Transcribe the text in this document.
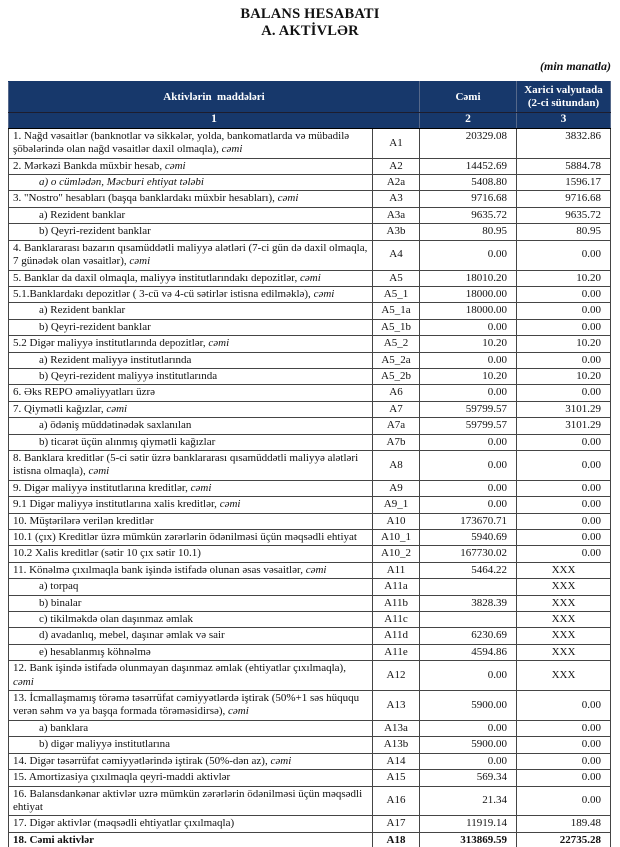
BALANS HESABATI
A. AKTİVLƏR
(min manatla)
Aktivlərin  maddələri		Cəmi	Xarici valyutada (2-ci sütundan)
1		2	3
1. Nağd vəsaitlər (banknotlar və sikkələr, yolda, bankomatlarda və mübadilə şöbələrində olan nağd vəsaitlər daxil olmaqla), cəmi	A1	20329.08	3832.86
2. Mərkəzi Bankda müxbir hesab, cəmi	A2	14452.69	5884.78
a) o cümlədən, Məcburi ehtiyat tələbi	A2a	5408.80	1596.17
3. "Nostro" hesabları (başqa banklardakı müxbir hesabları), cəmi	A3	9716.68	9716.68
a) Rezident banklar	A3a	9635.72	9635.72
b) Qeyri-rezident banklar	A3b	80.95	80.95
4. Banklararası bazarın qısamüddətli maliyyə alətləri (7-ci gün də daxil olmaqla, 7 günədək olan vəsaitlər), cəmi	A4	0.00	0.00
5. Banklar da daxil olmaqla, maliyyə institutlarındakı depozitlər, cəmi	A5	18010.20	10.20
5.1.Banklardakı depozitlər ( 3-cü və 4-cü sətirlər istisna edilməklə), cəmi	A5_1	18000.00	0.00
a) Rezident banklar	A5_1a	18000.00	0.00
b) Qeyri-rezident banklar	A5_1b	0.00	0.00
5.2 Digər maliyyə institutlarında depozitlər, cəmi	A5_2	10.20	10.20
a) Rezident maliyyə institutlarında	A5_2a	0.00	0.00
b) Qeyri-rezident maliyyə institutlarında	A5_2b	10.20	10.20
6. Əks REPO əməliyyatları üzrə	A6	0.00	0.00
7. Qiymətli kağızlar, cəmi	A7	59799.57	3101.29
a) ödəniş müddətinədək saxlanılan	A7a	59799.57	3101.29
b) ticarət üçün alınmış qiymətli kağızlar	A7b	0.00	0.00
8. Banklara kreditlər (5-ci sətir üzrə banklararası qısamüddətli maliyyə alətləri istisna olmaqla), cəmi	A8	0.00	0.00
9. Digər maliyyə institutlarına kreditlər, cəmi	A9	0.00	0.00
9.1 Digər maliyyə institutlarına xalis kreditlər, cəmi	A9_1	0.00	0.00
10. Müştərilərə verilən kreditlər	A10	173670.71	0.00
10.1 (çıx) Kreditlər üzrə mümkün zərərlərin ödənilməsi üçün məqsədli ehtiyat	A10_1	5940.69	0.00
10.2 Xalis kreditlər (sətir 10 çıx sətir 10.1)	A10_2	167730.02	0.00
11. Könəlmə çıxılmaqla bank işində istifadə olunan əsas vəsaitlər, cəmi	A11	5464.22	XXX
a) torpaq	A11a		XXX
b) binalar	A11b	3828.39	XXX
c) tikilməkdə olan daşınmaz əmlak	A11c		XXX
d) avadanlıq, mebel, daşınar əmlak və sair	A11d	6230.69	XXX
e) hesablanmış köhnəlmə	A11e	4594.86	XXX
12. Bank işində istifadə olunmayan daşınmaz əmlak (ehtiyatlar çıxılmaqla), cəmi	A12	0.00	XXX
13. İcmallaşmamış törəmə təsərrüfat cəmiyyətlərdə iştirak (50%+1 səs hüququ verən səhm və ya başqa formada törəməsidirsə), cəmi	A13	5900.00	0.00
a) banklara	A13a	0.00	0.00
b) digər maliyyə institutlarına	A13b	5900.00	0.00
14. Digər təsərrüfat cəmiyyətlərində iştirak (50%-dən az), cəmi	A14	0.00	0.00
15. Amortizasiya çıxılmaqla qeyri-maddi aktivlər	A15	569.34	0.00
16. Balansdankənar aktivlər uzrə mümkün zərərlərin ödənilməsi üçün məqsədli ehtiyat	A16	21.34	0.00
17. Digər aktivlər (məqsədli ehtiyatlar çıxılmaqla)	A17	11919.14	189.48
18. Cəmi aktivlər	A18	313869.59	22735.28
